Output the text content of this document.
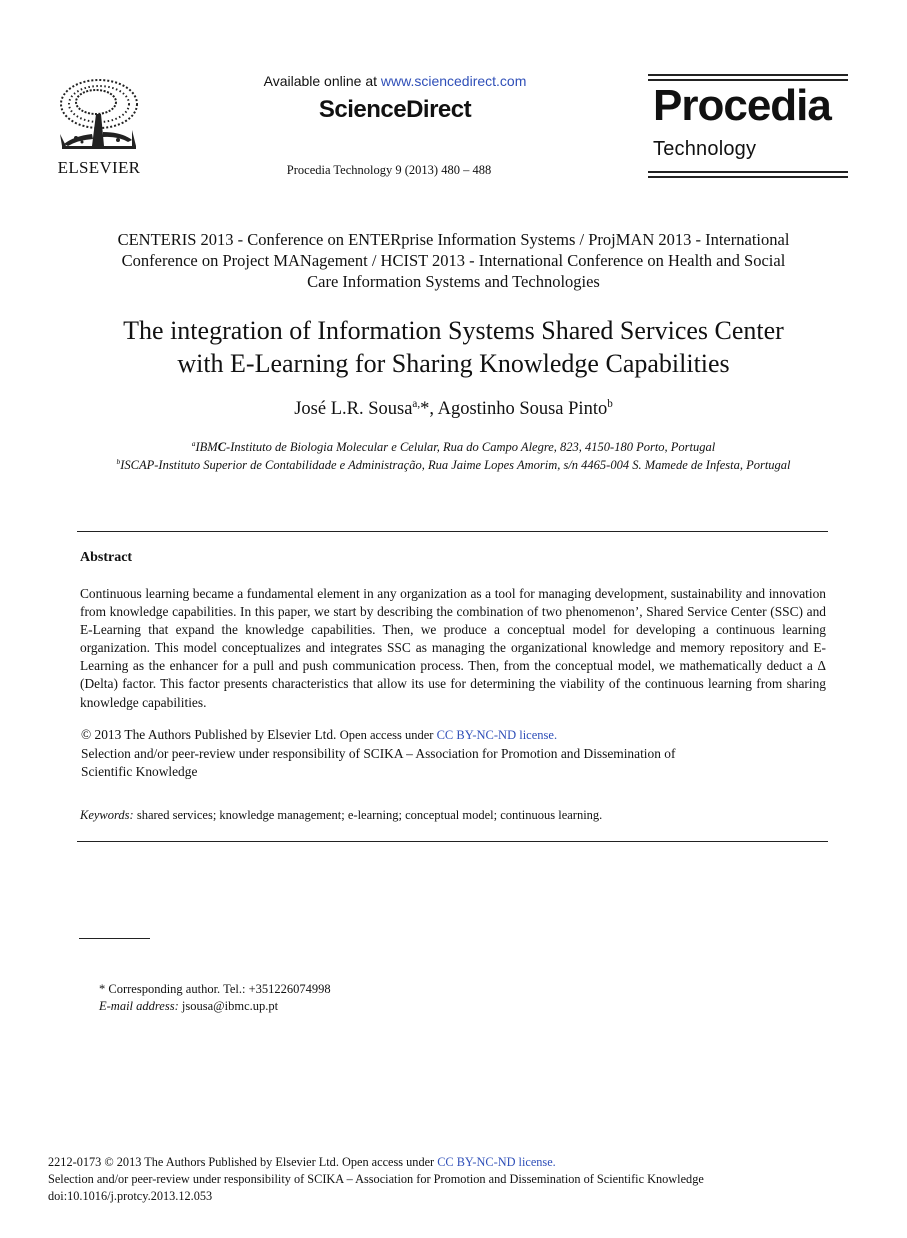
ELSEVIER
Available online at www.sciencedirect.com
ScienceDirect
Procedia Technology 9 (2013) 480 – 488
Procedia
Technology
CENTERIS 2013 - Conference on ENTERprise Information Systems / ProjMAN 2013 - International
Conference on Project MANagement / HCIST 2013 - International Conference on Health and Social
Care Information Systems and Technologies
The integration of Information Systems Shared Services Center
with E-Learning for Sharing Knowledge Capabilities
José L.R. Sousa$^{a,}$*, Agostinho Sousa Pinto$^b$
$^a$IBMC-Instituto de Biologia Molecular e Celular, Rua do Campo Alegre, 823, 4150-180 Porto, Portugal
$^b$ISCAP-Instituto Superior de Contabilidade e Administração, Rua Jaime Lopes Amorim, s/n 4465-004 S. Mamede de Infesta, Portugal
Abstract

Continuous learning became a fundamental element in any organization as a tool for managing development, sustainability and innovation from knowledge capabilities. In this paper, we start by describing the combination of two phenomenon’, Shared Service Center (SSC) and E-Learning that expand the knowledge capabilities. Then, we produce a conceptual model for developing a continuous learning organization. This model conceptualizes and integrates SSC as managing the organizational knowledge and memory repository and E-Learning as the enhancer for a pull and push communication process. Then, from the conceptual model, we mathematically deduct a Δ (Delta) factor. This factor presents characteristics that allow its use for determining the viability of the continuous learning from sharing knowledge capabilities.

© 2013 The Authors Published by Elsevier Ltd. Open access under CC BY-NC-ND license.
Selection and/or peer-review under responsibility of SCIKA – Association for Promotion and Dissemination of
Scientific Knowledge
Keywords: shared services; knowledge management; e-learning; conceptual model; continuous learning.
* Corresponding author. Tel.: +351226074998
E-mail address: jsousa@ibmc.up.pt
2212-0173 © 2013 The Authors Published by Elsevier Ltd. Open access under CC BY-NC-ND license.
Selection and/or peer-review under responsibility of SCIKA – Association for Promotion and Dissemination of Scientific Knowledge
doi:10.1016/j.protcy.2013.12.053
